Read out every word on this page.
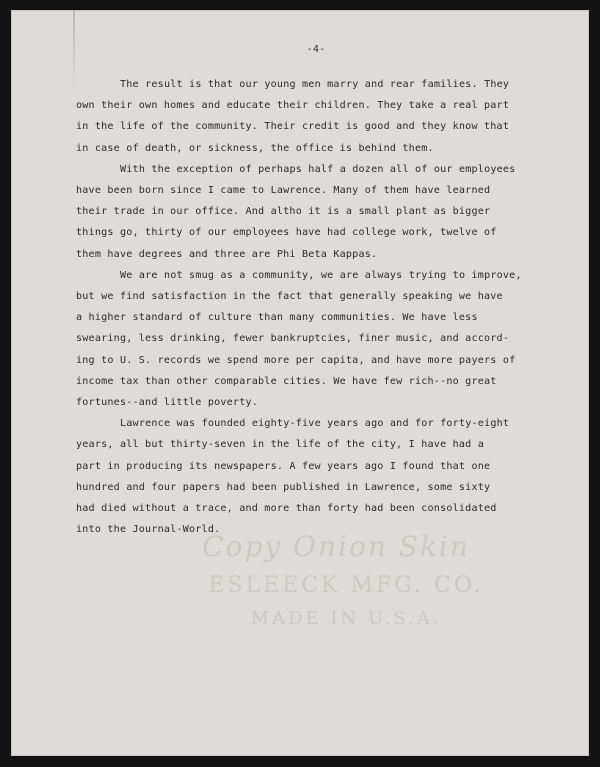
Copy Onion Skin
ESLEECK MFG. CO.
MADE IN U.S.A.
-4-
The result is that our young men marry and rear families. They
own their own homes and educate their children. They take a real part
in the life of the community. Their credit is good and they know that
in case of death, or sickness, the office is behind them.
With the exception of perhaps half a dozen all of our employees
have been born since I came to Lawrence. Many of them have learned
their trade in our office. And altho it is a small plant as bigger
things go, thirty of our employees have had college work, twelve of
them have degrees and three are Phi Beta Kappas.
We are not smug as a community, we are always trying to improve,
but we find satisfaction in the fact that generally speaking we have
a higher standard of culture than many communities. We have less
swearing, less drinking, fewer bankruptcies, finer music, and accord-
ing to U. S. records we spend more per capita, and have more payers of
income tax than other comparable cities. We have few rich--no great
fortunes--and little poverty.
Lawrence was founded eighty-five years ago and for forty-eight
years, all but thirty-seven in the life of the city, I have had a
part in producing its newspapers. A few years ago I found that one
hundred and four papers had been published in Lawrence, some sixty
had died without a trace, and more than forty had been consolidated
into the Journal-World.
